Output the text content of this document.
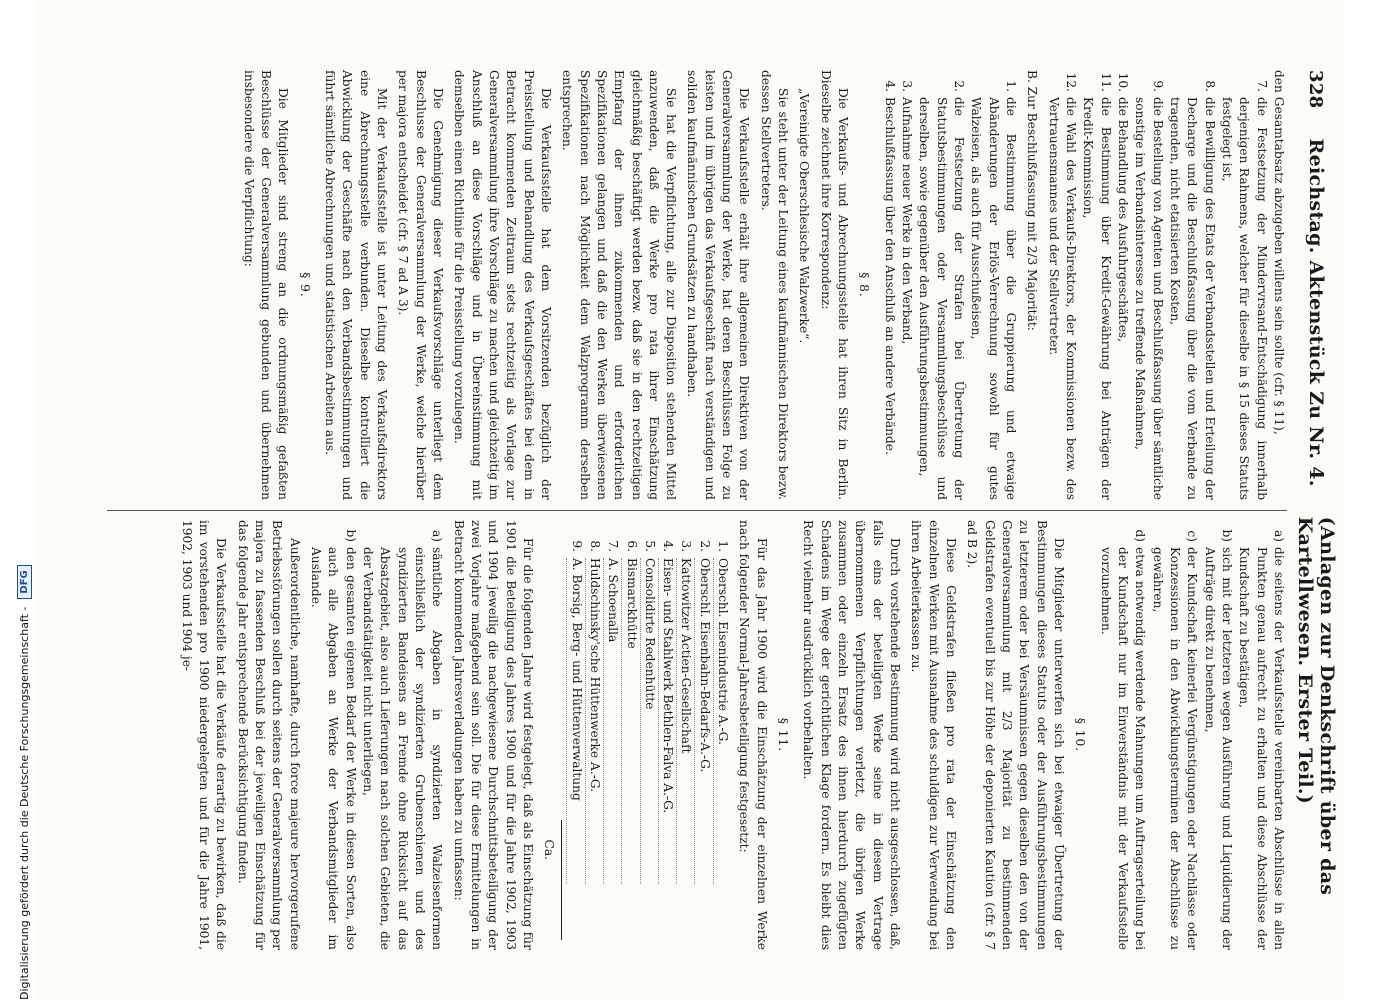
328
Reichstag. Aktenstück Zu Nr. 4.
(Anlagen zur Denkschrift über das Kartellwesen. Erster Teil.)

den Gesamtabsatz abzugeben willens sein sollte (cfr. § 11),

7.
die Festsetzung der Mindervrsand-Entschädigung innerhalb derjenigen Rahmens, welcher für dieselbe in § 15 dieses Statuts festgelegt ist,
8.
die Bewilligung des Etats der Verbandsstellen und Erteilung der Decharge und die Beschlußfassung über die vom Verbande zu tragenden, nicht etatisierten Kosten,
9.
die Bestellung von Agenten und Beschlußfassung über sämtliche sonstige im Verbandsinteresse zu treffende Maßnahmen,
10.
die Behandlung des Ausfuhrgeschäftes,
11.
die Bestimmung über Kredit-Gewährung bei Anträgen der Kredit-Kommission,
12.
die Wahl des Verkaufs-Direktors, der Kommissionen bezw. des Vertrauensmannes und der Stellvertreter.

B. Zur Beschlußfassung mit 2/3 Majorität:

1.
die Bestimmung über die Gruppierung und etwaige Abänderungen der Erlös-Verrechnung sowohl für gutes Walzeisen, als auch für Ausschußeisen,
2.
die Festsetzung der Strafen bei Übertretung der Statutsbestimmungen oder Versammlungsbeschlüsse und derselben, sowie gegenüber den Ausführungsbestimmungen,
3.
Aufnahme neuer Werke in den Verband,
4.
Beschlußfassung über den Anschluß an andere Verbände.
§ 8.

Die Verkaufs- und Abrechnungsstelle hat ihren Sitz in Berlin. Dieselbe zeichnet ihre Korrespondenz:

„Vereinigte Oberschlesische Walzwerke“.

Sie steht unter der Leitung eines kaufmännischen Direktors bezw. dessen Stellvertreters.

Die Verkaufsstelle erhält ihre allgemeinen Direktiven von der Generalversammlung der Werke, hat deren Beschlüssen Folge zu leisten und im übrigen das Verkaufsgeschäft nach verständigen und soliden kaufmännischen Grundsätzen zu handhaben.

Sie hat die Verpflichtung, alle zur Disposition stehenden Mittel anzuwenden, daß die Werke pro rata ihrer Einschätzung gleichmäßig beschäftigt werden bezw. daß sie in den rechtzeitigen Empfang der ihnen zukommenden und erforderlichen Spezifikationen gelangen und daß die den Werken überwiesenen Spezifikationen nach Möglichkeit dem Walzprogramm derselben entsprechen.

Die Verkaufsstelle hat dem Vorsitzenden bezüglich der Preisstellung und Behandlung des Verkaufsgeschäftes bei dem in Betracht kommenden Zeitraum stets rechtzeitig als Vorlage zur Generalversammlung ihre Vorschläge zu machen und gleichzeitig im Anschluß an diese Vorschläge und in Übereinstimmung mit demselben einen Richtlinie für die Preisstellung vorzulegen.

Die Genehmigung dieser Verkaufsvorschläge unterliegt dem Beschlusse der Generalversammlung der Werke, welche hierüber per majora entscheidet (cfr. § 7 ad A 3).

Mit der Verkaufsstelle ist unter Leitung des Verkaufsdirektors eine Abrechnungsstelle verbunden. Dieselbe kontrolliert die Abwicklung der Geschäfte nach den Verbandsbestimmungen und führt sämtliche Abrechnungen und statistischen Arbeiten aus.

§ 9.

Die Mitglieder sind streng an die ordnungsmäßig gefaßten Beschlüsse der Generalversammlung gebunden und übernehmen insbesondere die Verpflichtung:

a)
die seitens der Verkaufsstelle vereinbarten Abschlüsse in allen Punkten genau aufrecht zu erhalten und diese Abschlüsse der Kundschaft zu bestätigen,
b)
sich mit der letzteren wegen Ausführung und Liquidierung der Aufträge direkt zu benehmen,
c)
der Kundschaft keinerlei Vergünstigungen oder Nachlässe oder Konzessionen in den Abwicklungsterminen der Abschlüsse zu gewähren,
d)
etwa notwendig werdende Mahnungen um Auftragserteilung bei der Kundschaft nur im Einverständnis mit der Verkaufsstelle vorzunehmen.
§ 10.

Die Mitglieder unterwerfen sich bei etwaiger Übertretung der Bestimmungen dieses Statuts oder der Ausführungsbestimmungen zu letzterem oder bei Versäumnissen gegen dieselben den von der Generalversammlung mit 2/3 Majorität zu bestimmenden Geldstrafen eventuell bis zur Höhe der deponierten Kaution (cfr. § 7 ad B 2).

Diese Geldstrafen fließen pro rata der Einschätzung den einzelnen Werken mit Ausnahme des schuldigen zur Verwendung bei ihren Arbeiterkassen zu.

Durch vorstehende Bestimmung wird nicht ausgeschlossen, daß, falls eins der beteiligten Werke seine in diesem Vertrage übernommenen Verpflichtungen verletzt, die übrigen Werke zusammen oder einzeln Ersatz des ihnen hierdurch zugefügten Schadens im Wege der gerichtlichen Klage fordern. Es bleibt dies Recht vielmehr ausdrücklich vorbehalten.

§ 11.

Für das Jahr 1900 wird die Einschätzung der einzelnen Werke nach folgender Normal-Jahresbeteiligung festgesetzt:

1.
Oberschl. Eisenindustrie A.-G.
2.
Oberschl. Eisenbahn-Bedarfs-A.-G.
3.
Kattowitzer Actien-Gesellschaft
4.
Eisen- und Stahlwerk Bethlen-Falva A.-G.
5.
Consolidirte Redenhütte
6.
Bismarckhütte
7.
A. Schoenalla
8.
Huldschinsky'sche Hüttenwerke A.-G.
9.
A. Borsig, Berg- und Hüttenverwaltung
Ca.

Für die folgenden Jahre wird festgelegt, daß als Einschätzung für 1901 die Beteiligung des Jahres 1900 und für die Jahre 1902, 1903 und 1904 jeweilig die nachgewiesene Durchschnittsbeteiligung der zwei Vorjahre maßgebend sein soll. Die für diese Ermittelungen in Betracht kommenden Jahresverladungen haben zu umfassen:

a)
sämtliche Abgaben in syndizierten Walzeisenformen einschließlich der syndizierten Grubenschienen und des syndizierten Bandeisens an Fremde ohne Rücksicht auf das Absatzgebiet, also auch Lieferungen nach solchen Gebieten, die der Verbandstätigkeit nicht unterliegen,
b)
den gesamten eigenen Bedarf der Werke in diesen Sorten, also auch alle Abgaben an Werke der Verbandsmitglieder im Auslande.

Außerordentliche, namhafte, durch force majeure hervorgerufene Betriebsstörungen sollen durch seitens der Generalversammlung per majora zu fassenden Beschluß bei der jeweiligen Einschätzung für das folgende Jahr entsprechende Berücksichtigung finden.

Die Verkaufsstelle hat die Verkäufe derartig zu bewirken, daß die im vorstehenden pro 1900 niedergelegten und für die Jahre 1901, 1902, 1903 und 1904 je-

Digitalisierung gefördert durch die Deutsche Forschungsgemeinschaft -
DFG
